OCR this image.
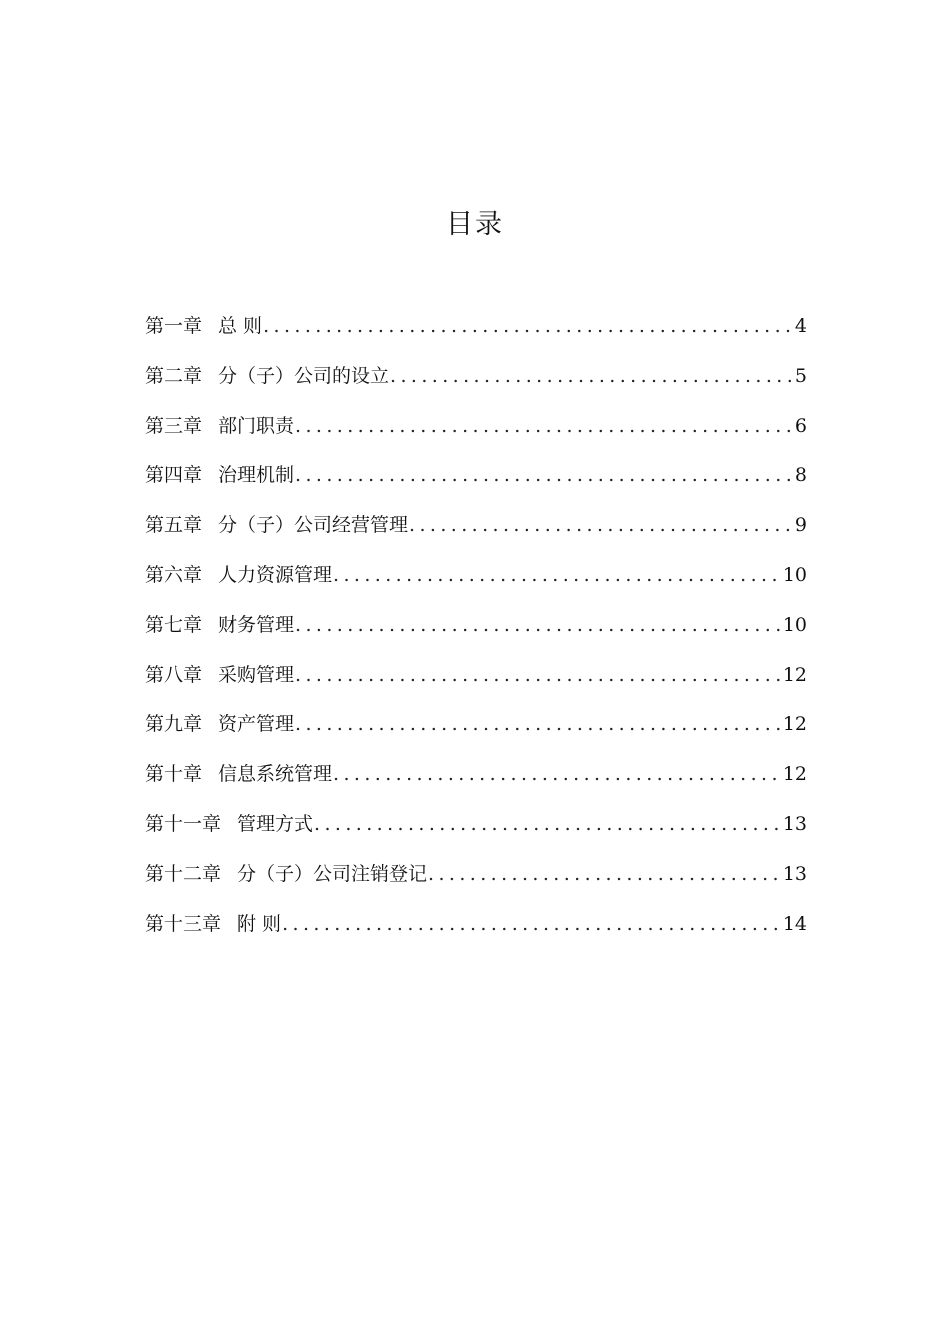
目录
第一章 总 则 .....	4
第二章 分（子）公司的设立 .....	5
第三章 部门职责 .....	6
第四章 治理机制 .....	8
第五章 分（子）公司经营管理 .....	9
第六章 人力资源管理 .....	10
第七章 财务管理 .....	10
第八章 采购管理 .....	12
第九章 资产管理 .....	12
第十章 信息系统管理 .....	12
第十一章 管理方式 .....	13
第十二章 分（子）公司注销登记 .....	13
第十三章 附 则 .....	14
